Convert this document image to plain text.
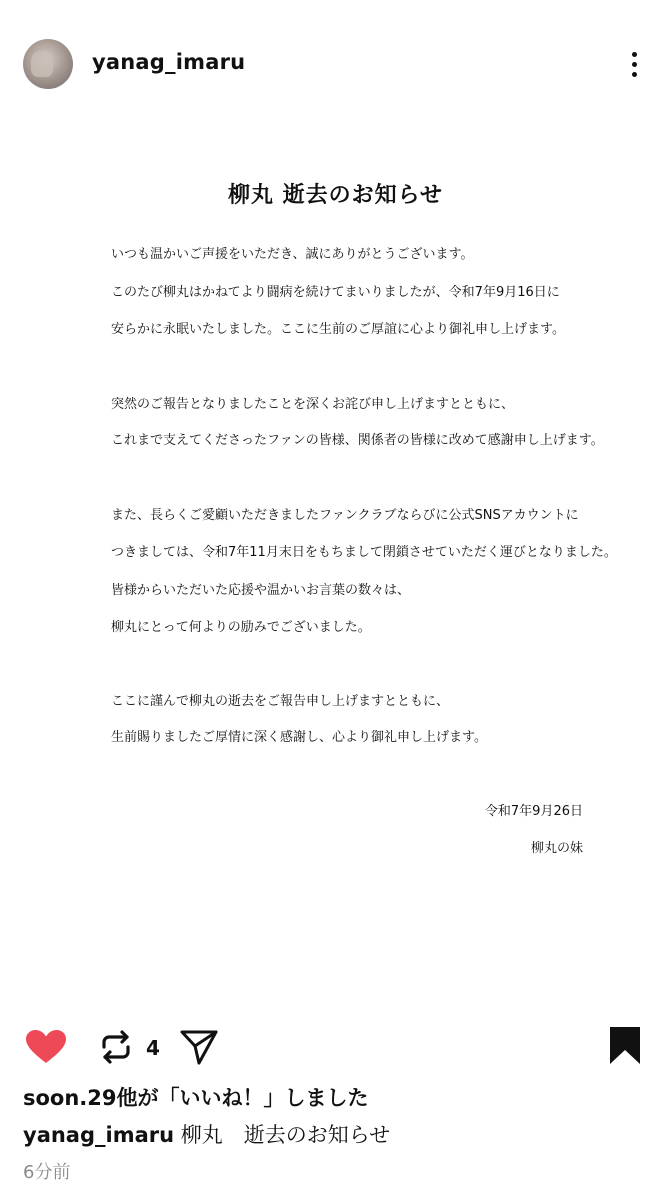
yanag_imaru
柳丸 逝去のお知らせ
いつも温かいご声援をいただき、誠にありがとうございます。
このたび柳丸はかねてより闘病を続けてまいりましたが、令和7年9月16日に
安らかに永眠いたしました。ここに生前のご厚誼に心より御礼申し上げます。
突然のご報告となりましたことを深くお詫び申し上げますとともに、
これまで支えてくださったファンの皆様、関係者の皆様に改めて感謝申し上げます。
また、長らくご愛顧いただきましたファンクラブならびに公式SNSアカウントに
つきましては、令和7年11月末日をもちまして閉鎖させていただく運びとなりました。
皆様からいただいた応援や温かいお言葉の数々は、
柳丸にとって何よりの励みでございました。
ここに謹んで柳丸の逝去をご報告申し上げますとともに、
生前賜りましたご厚情に深く感謝し、心より御礼申し上げます。
令和7年9月26日
柳丸の妹
4
soon.29他が「いいね！」しました
yanag_imaru 柳丸　逝去のお知らせ
6分前
